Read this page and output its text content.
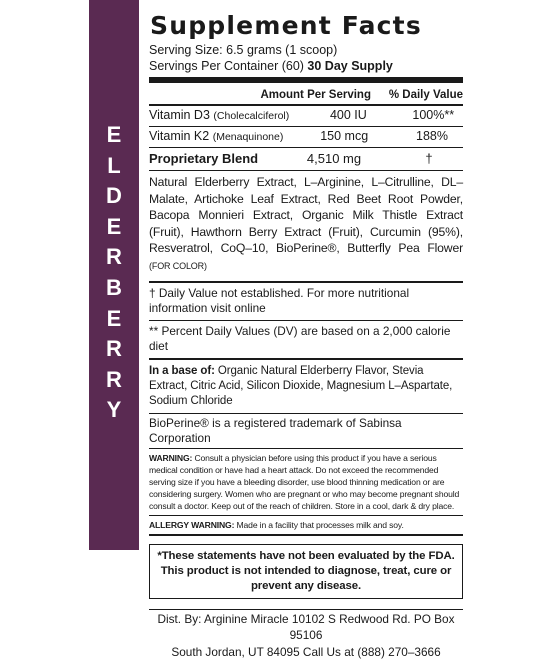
E
L
D
E
R
B
E
R
R
Y
Supplement Facts
Serving Size: 6.5 grams (1 scoop)
Servings Per Container (60) 30 Day Supply
Amount Per Serving	% Daily Value
Vitamin D3 (Cholecalciferol)	400 IU	100%**
Vitamin K2 (Menaquinone)	150 mcg	188%
Proprietary Blend	4,510 mg	†
Natural Elderberry Extract, L–Arginine, L–Citrulline, DL–Malate, Artichoke Leaf Extract, Red Beet Root Powder, Bacopa Monnieri Extract, Organic Milk Thistle Extract (Fruit), Hawthorn Berry Extract (Fruit), Curcumin (95%), Resveratrol, CoQ–10, BioPerine®, Butterfly Pea Flower (FOR COLOR)
† Daily Value not established. For more nutritional information visit online
** Percent Daily Values (DV) are based on a 2,000 calorie diet
In a base of: Organic Natural Elderberry Flavor, Stevia Extract, Citric Acid, Silicon Dioxide, Magnesium L–Aspartate, Sodium Chloride
BioPerine® is a registered trademark of Sabinsa Corporation
WARNING: Consult a physician before using this product if you have a serious medical condition or have had a heart attack. Do not exceed the recommended serving size if you have a bleeding disorder, use blood thinning medication or are considering surgery. Women who are pregnant or who may become pregnant should consult a doctor. Keep out of the reach of children. Store in a cool, dark & dry place.
ALLERGY WARNING: Made in a facility that processes milk and soy.
*These statements have not been evaluated by the FDA. This product is not intended to diagnose, treat, cure or prevent any disease.
Dist. By: Arginine Miracle 10102 S Redwood Rd. PO Box 95106
South Jordan, UT 84095 Call Us at (888) 270–3666
